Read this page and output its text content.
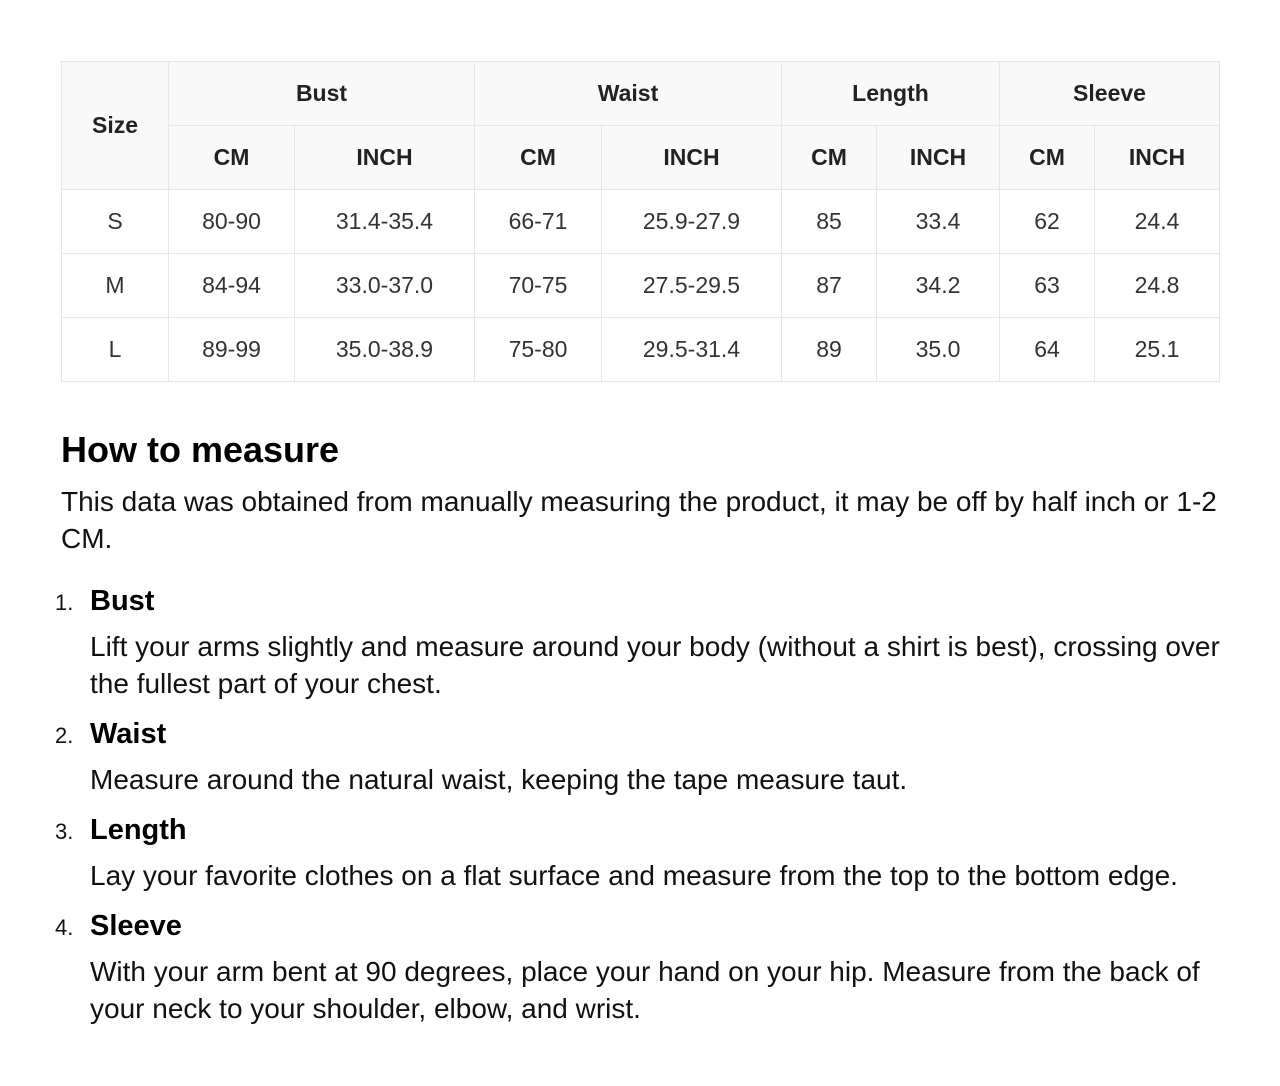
Size	Bust		Waist		Length		Sleeve	
	CM	INCH	CM	INCH	CM	INCH	CM	INCH
S	80-90	31.4-35.4	66-71	25.9-27.9	85	33.4	62	24.4
M	84-94	33.0-37.0	70-75	27.5-29.5	87	34.2	63	24.8
L	89-99	35.0-38.9	75-80	29.5-31.4	89	35.0	64	25.1
How to measure

This data was obtained from manually measuring the product, it may be off by half inch or 1-2 CM.

1. Bust
Lift your arms slightly and measure around your body (without a shirt is best), crossing over the fullest part of your chest.
2. Waist
Measure around the natural waist, keeping the tape measure taut.
3. Length
Lay your favorite clothes on a flat surface and measure from the top to the bottom edge.
4. Sleeve
With your arm bent at 90 degrees, place your hand on your hip. Measure from the back of your neck to your shoulder, elbow, and wrist.
